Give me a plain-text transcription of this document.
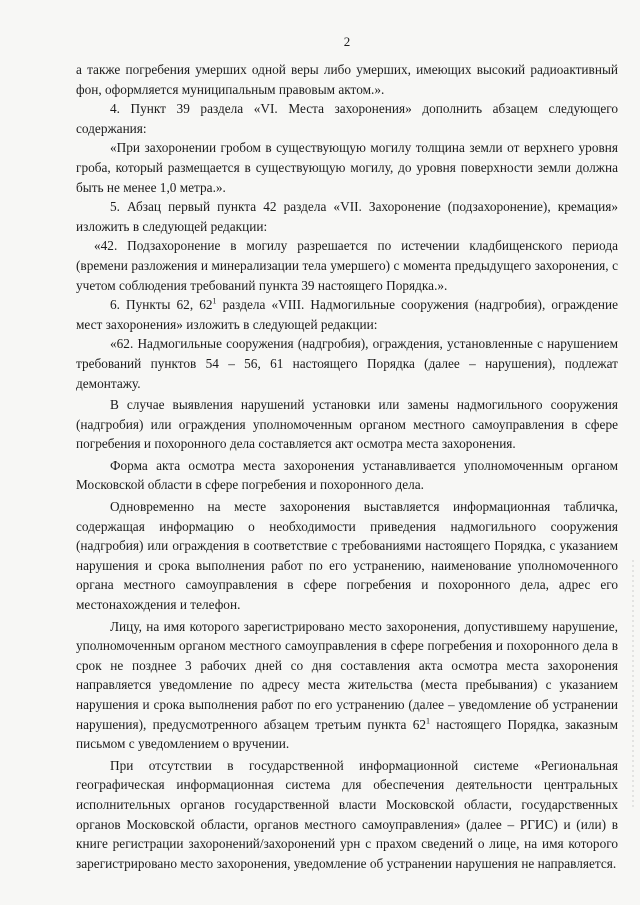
2

а также погребения умерших одной веры либо умерших, имеющих высокий радиоактивный фон, оформляется муниципальным правовым актом.».

4. Пункт 39 раздела «VI. Места захоронения» дополнить абзацем следующего содержания:

«При захоронении гробом в существующую могилу толщина земли от верхнего уровня гроба, который размещается в существующую могилу, до уровня поверхности земли должна быть не менее 1,0 метра.».

5. Абзац первый пункта 42 раздела «VII. Захоронение (подзахоронение), кремация» изложить в следующей редакции:

«42. Подзахоронение в могилу разрешается по истечении кладбищенского периода (времени разложения и минерализации тела умершего) с момента предыдущего захоронения, с учетом соблюдения требований пункта 39 настоящего Порядка.».

6. Пункты 62, $62^1$ раздела «VIII. Надмогильные сооружения (надгробия), ограждение мест захоронения» изложить в следующей редакции:

«62. Надмогильные сооружения (надгробия), ограждения, установленные с нарушением требований пунктов 54 – 56, 61 настоящего Порядка (далее – нарушения), подлежат демонтажу.

В случае выявления нарушений установки или замены надмогильного сооружения (надгробия) или ограждения уполномоченным органом местного самоуправления в сфере погребения и похоронного дела составляется акт осмотра места захоронения.

Форма акта осмотра места захоронения устанавливается уполномоченным органом Московской области в сфере погребения и похоронного дела.

Одновременно на месте захоронения выставляется информационная табличка, содержащая информацию о необходимости приведения надмогильного сооружения (надгробия) или ограждения в соответствие с требованиями настоящего Порядка, с указанием нарушения и срока выполнения работ по его устранению, наименование уполномоченного органа местного самоуправления в сфере погребения и похоронного дела, адрес его местонахождения и телефон.

Лицу, на имя которого зарегистрировано место захоронения, допустившему нарушение, уполномоченным органом местного самоуправления в сфере погребения и похоронного дела в срок не позднее 3 рабочих дней со дня составления акта осмотра места захоронения направляется уведомление по адресу места жительства (места пребывания) с указанием нарушения и срока выполнения работ по его устранению (далее – уведомление об устранении нарушения), предусмотренного абзацем третьим пункта $62^1$ настоящего Порядка, заказным письмом с уведомлением о вручении.

При отсутствии в государственной информационной системе «Региональная географическая информационная система для обеспечения деятельности центральных исполнительных органов государственной власти Московской области, государственных органов Московской области, органов местного самоуправления» (далее – РГИС) и (или) в книге регистрации захоронений/захоронений урн с прахом сведений о лице, на имя которого зарегистрировано место захоронения, уведомление об устранении нарушения не направляется.
